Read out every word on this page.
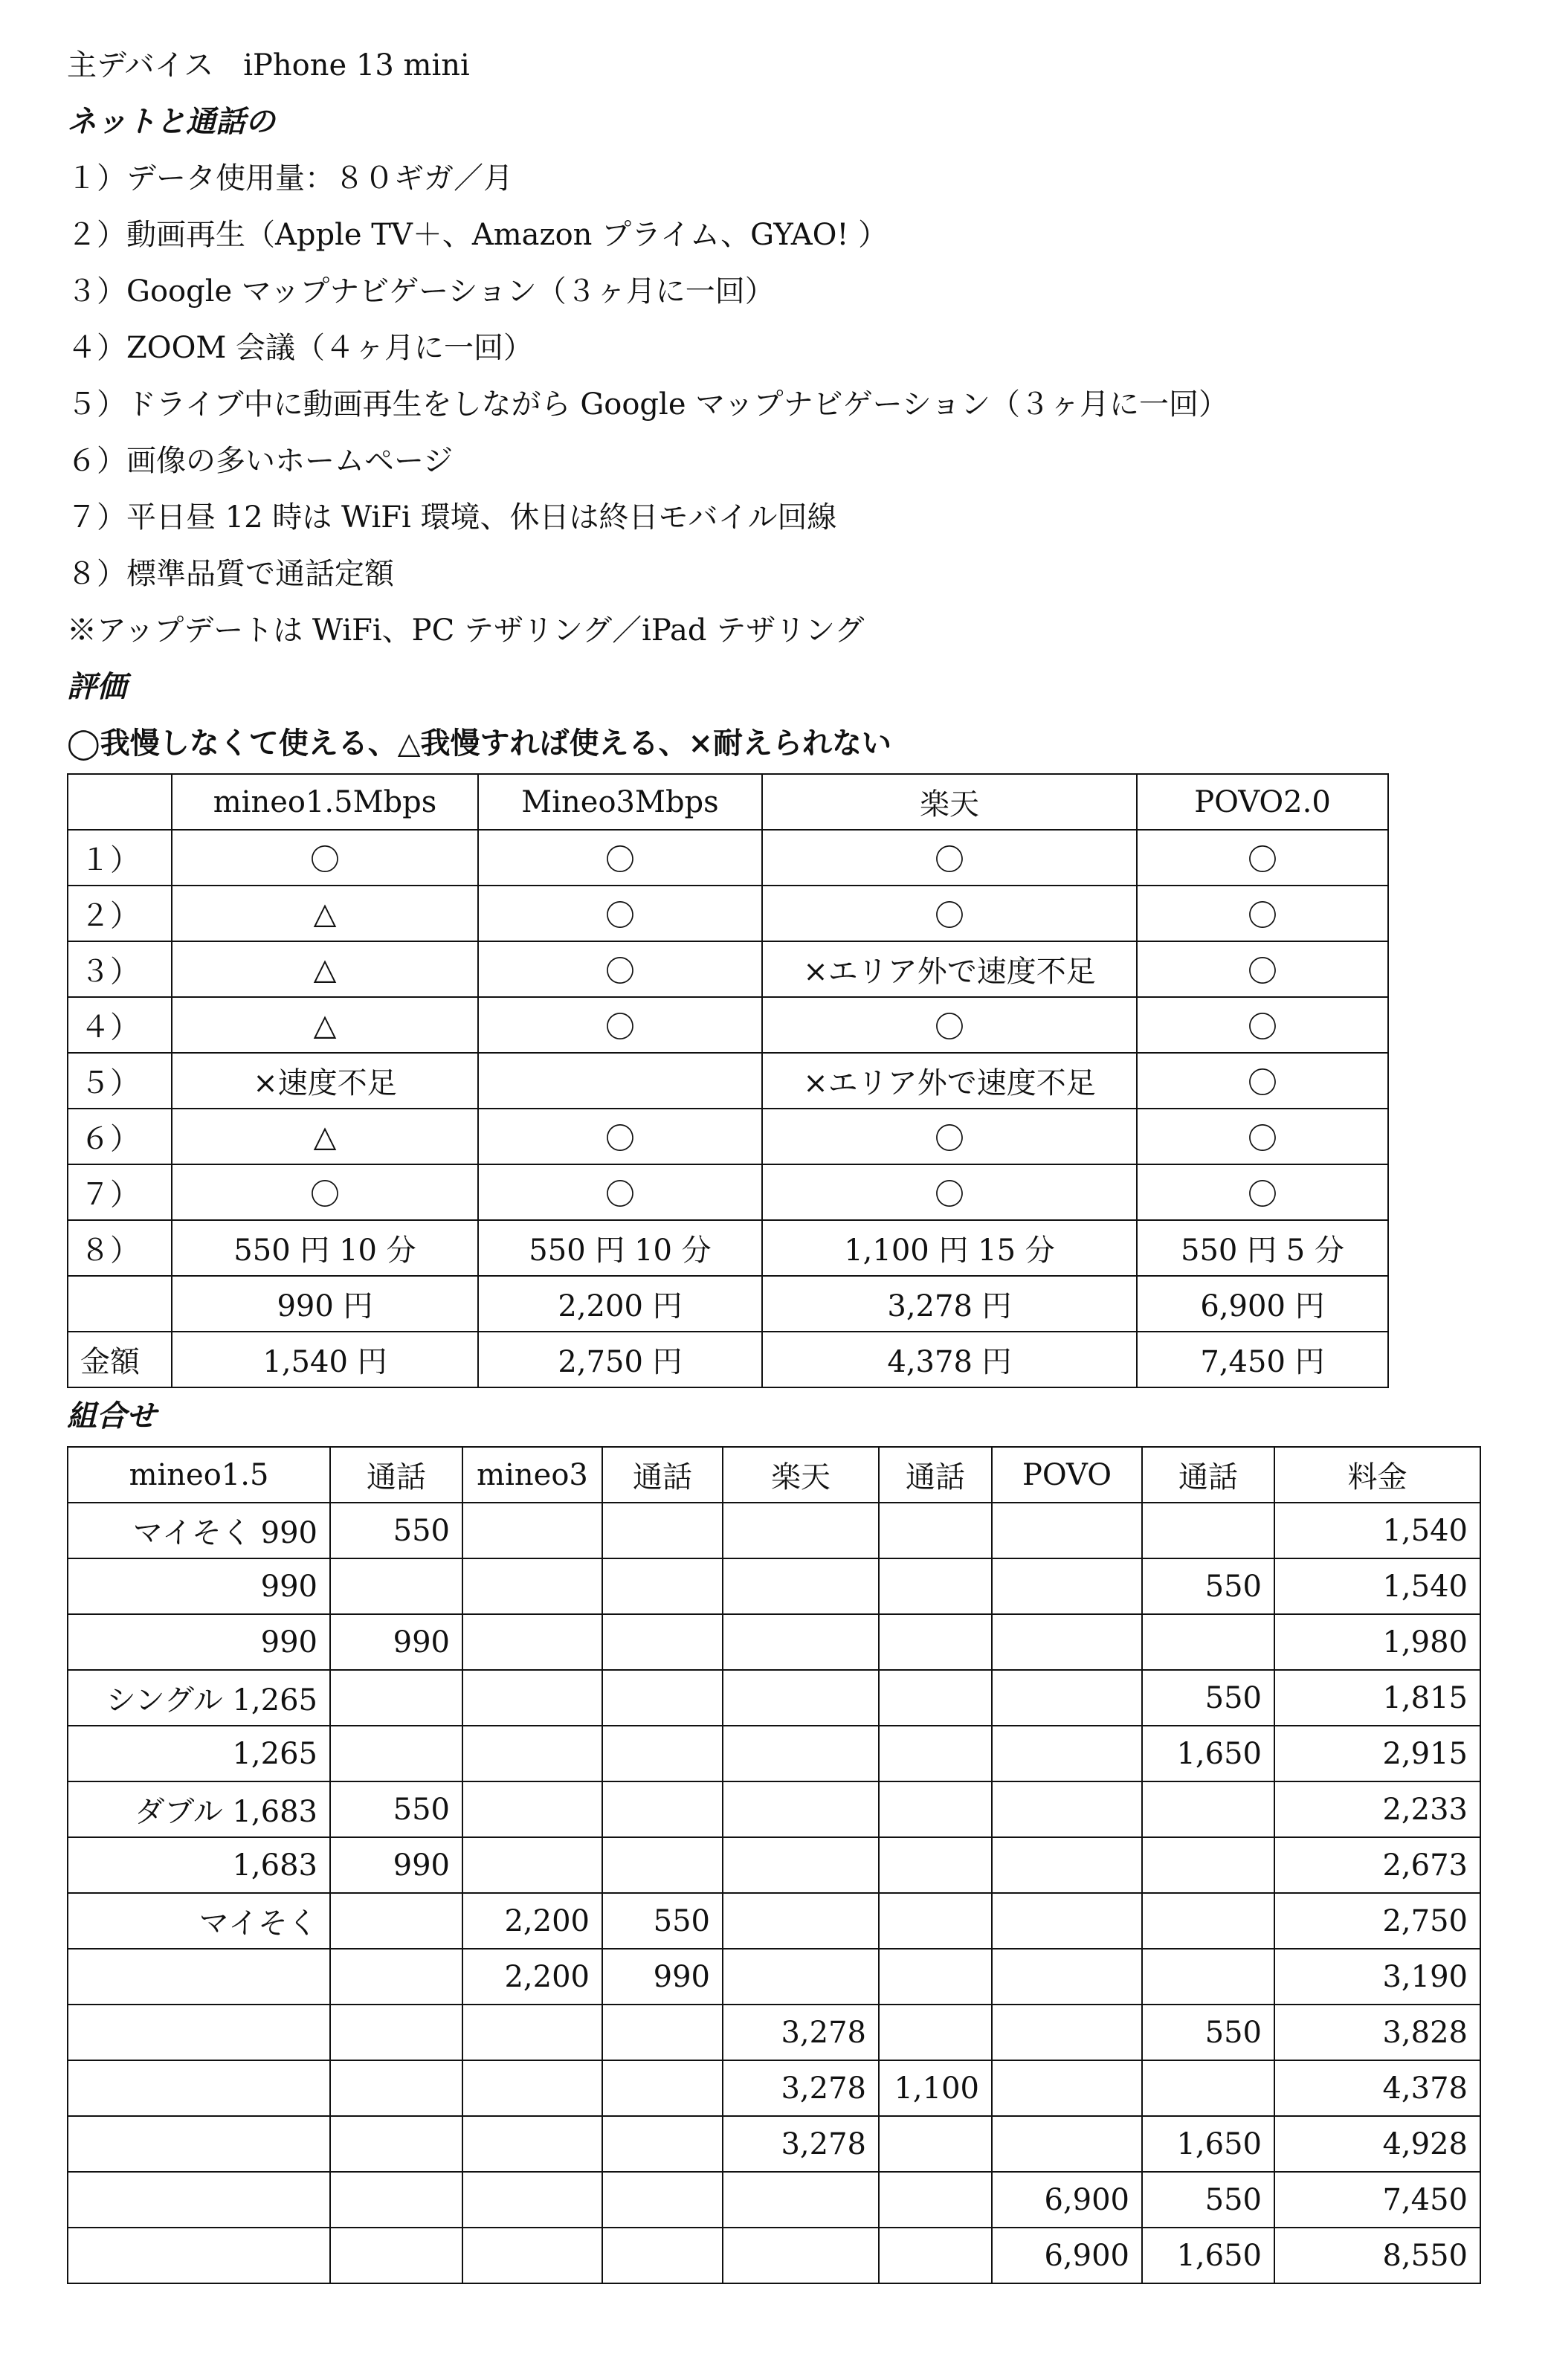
主デバイス　iPhone 13 mini
ネットと通話の
１）データ使用量：８０ギガ／月
２）動画再生（Apple TV＋、Amazon プライム、GYAO! ）
３）Google マップナビゲーション（３ヶ月に一回）
４）ZOOM 会議（４ヶ月に一回）
５）ドライブ中に動画再生をしながら Google マップナビゲーション（３ヶ月に一回）
６）画像の多いホームページ
７）平日昼 12 時は WiFi 環境、休日は終日モバイル回線
８）標準品質で通話定額
※アップデートは WiFi、PC テザリング／iPad テザリング
評価
◯我慢しなくて使える、△我慢すれば使える、×耐えられない
	mineo1.5Mbps	Mineo3Mbps	楽天	POVO2.0
１）	〇	〇	〇	〇
２）	△	〇	〇	〇
３）	△	〇	×エリア外で速度不足	〇
４）	△	〇	〇	〇
５）	×速度不足		×エリア外で速度不足	〇
６）	△	〇	〇	〇
７）	〇	〇	〇	〇
８）	550 円 10 分	550 円 10 分	1,100 円 15 分	550 円 5 分
	990 円	2,200 円	3,278 円	6,900 円
金額	1,540 円	2,750 円	4,378 円	7,450 円
組合せ
mineo1.5	通話	mineo3	通話	楽天	通話	POVO	通話	料金
マイそく 990	550							1,540
990							550	1,540
990	990							1,980
シングル 1,265							550	1,815
1,265							1,650	2,915
ダブル 1,683	550							2,233
1,683	990							2,673
マイそく		2,200	550					2,750
		2,200	990					3,190
				3,278			550	3,828
				3,278	1,100			4,378
				3,278			1,650	4,928
						6,900	550	7,450
						6,900	1,650	8,550
